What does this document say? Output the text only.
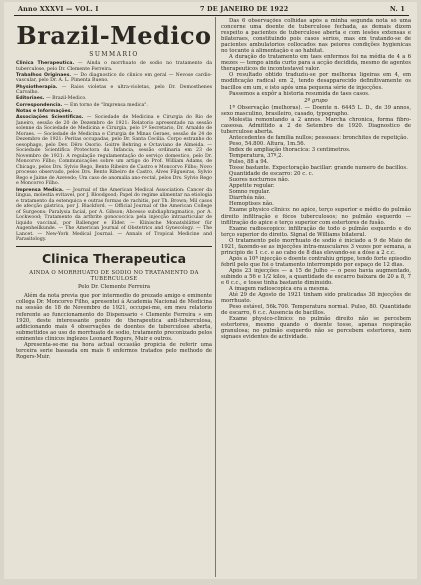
Anno XXXVI — VOL. I	7 DE JANEIRO DE 1922	N. 1
Brazil-Medico
SUMMARIO

Clinica Therapeutica. — Ainda o morrhuato de sodio no tratamento da tuberculose, pelo Dr. Clemente Ferreira.

Trabalhos Originaes. — Do diagnostico do clinico em geral — Nevose cardio-vascular, pelo Dr. A. L. Pimenta Bueno.

Physiotherapia. — Raios violetas e ultra-violetas, pelo Dr. Demosthenes Carvalho.

Editoriaes. — Brazil-Medico.

Correspondencia. — Em torno de "Imprensa medica".

Notas e Informações.

Associações Scientificas. — Sociedade de Medicina e Cirurgia do Rio de Janeiro, sessão de 20 de Dezembro de 1921: Relatorio apresentado na sessão solenne da Sociedade de Medicina e Cirurgia, pelo 1º Secretario, Dr. Arnaldo de Moraes. — Sociedade de Medicina e Cirurgia de Minas Geraes, sessão de 24 de Dezembro de 1921: Peritas occupadas, pelo Dr. Santa Cecilia. Corpo estranho do oesophago, pelo Dev. Dêro Osorio. Goitre Behring e Octaviano de Almeida. — Sociedade Scientifica Protectora da Infancia, sessão ordinaria em 23 de Novembro de 1921: A regulação regulamentação do serviço domestico, pelo Dr. Moncorvo Filho; Communicações sobre um artigo do Prof. William Adams, de Chicago, pelos Drs. Sylvio Rego, Bento Ribeiro de Castro e Moncorvo Filho; Novo processo observado, pelos Drs. Bento Ribeiro de Castro, Alves Filgueiras, Sylvio Rego e Jaime de Azevedo; Um caso de anomalia ano-rectal, pelos Drs. Sylvio Rego e Moncorvo Filho.

Imprensa Medica. — Journal of the American Medical Association: Cancer da lingua, molestia evitavel, por J. Bloodgood; Papel do regime alimentar na etiologia e tratamento da estenquica e outras formas de rachitis, por Th. Brown; Mil casos de afecção gástrica, por J. Blackford. — Official Journal of the American College of Surgeons: Paralysia facial, por A. Gibson; Abcesso subdiaphragmatico, por A. Lockwood; Tratamento da arthrite gonococcica pela injecção intraarticular de liquido vaccinal, por Ballenger e Elder. — Klinische Monatsblätter für Augenheilkunde. — The American Journal of Obstetrics and Gynecology. — The Lancet. — New-York Medical Journal. — Annals of Tropical Medicine and Parasitology.

Clinica Therapeutica
AINDA O MORRHUATO DE SODIO NO TRATAMENTO DA TUBERCULOSE
Pelo Dr. Clemente Ferreira

Além da nota previa que por intermedio do prezado amigo e eminente collega Dr. Moncorvo Filho, apresentei á Academia Nacional de Medicina na sessão de 18 de Novembro de 1921, occupei-me, em meu relatorio referente ao funccionamento do Dispensario « Clemente Ferreira » em 1920, deste interessante ponto de therapeutica anti-tuberculosa, addicionando mais 4 observações de doentes de tuberculose aberta, submettidos ao uso do morrhuato de sodio, tratamento preconizado pelos eminentes clinicos inglezes Leonard Rogers, Muir e outros.

Apresenta-se-me na hora actual occasião propicia de referir uma terceira serie baseada em mais 6 enfermos tratados pelo methodo de Rogers-Muir.

Das 6 observações colhidas após a minha segunda nota só uma concerne uma doente de tuberculose fechada, as demais dizem respeito a pacientes de tuberculose aberta e com lesões extensas e bilateraes, constituindo pois casos serios, mas em tratando-se de pacientes ambulatorios collocados nas peiores condições hygienicas no tocante á alimentação e ao habitat.

A duração do tratamento em taes enfermos foi na média de 4 a 6 mezes — tempo ainda curto para a acção decidida, mesmo de agentes therapeuticos de incontestavel valor.

O resultado obtido traduziu-se por melhoras ligeiras em 4, em modificação radical em 2, tendo desapparecido definitivamente os bacillos em um, e isto após uma pequena série de injecções.

Passemos a expôr a historia resumida de taes casos.

2º grupo

1ª Observação (melhoras). — Doente n. 6445 L. D., de 39 annos, sexo masculino, brasileiro, casado, typographo.

Molestia remontando a 2 annos. Marcha chronica, forma fibro-caseosa. Admittido a 2 de Setembro de 1920. Diagnostico de tuberculose aberta.

Antecedentes de familia nullos; pessoaes: bronchites de repetição.

Peso, 54.800. Altura, 1m.56.

Index de ampliação thoracica: 3 centimetros.

Temperatura, 37º,2.

Pulso, 88 a 94.

Tosse bastante. Expectoração bacillar: grande numero de bacillos.

Quantidade de escarro: 20 c. c.

Suores nocturnos não.

Appetite regular.

Somno regular.

Diarrhéa não.

Hemoptises não.

Exame physico clinico: no apice, terço superior e médio do pulmão direito infiltração e fócos tuberculosos; no pulmão esquerdo — infiltração do apice e terço superior com estertores de fusão.

Exame radioscopico: infiltração de todo o pulmão esquerdo e do terço superior do direito. Signal de Williams bilateral.

O tratamento pelo morrhuato de sodio é iniciado a 9 de Maio de 1921, fazendo-se as injecções intra-musculares 3 vezes por semana, a principio de 1 c.c. e ao cabo de 8 dias elevando-se a dóse a 2 c.c.

Após a 10ª injecção o doente contrahiu grippe, tendo forte episodio febril pelo que foi o tratamento interrompido por espaço de 12 dias.

Após 23 injecções — a 15 de Julho — o peso havia augmentado, subindo a 56 e 1/2 kilos, a quantidade de escarro baixara de 20 a 8, 7 e 6 c.c., e tosse tinha bastante diminuido.

A imagem radioscopica era a mesma.

Até 29 de Agosto de 1921 tinham sido praticadas 38 injecções de morrhuato.

Peso estável, 56k.700. Temperatura normal. Pulso, 80. Quantidade de escarro, 6 c.c. Ausencia de bacillos.

Exame physico-clinico: no pulmão direito não se percebem estertores, mesmo quando o doente tosse, apenas respiração granulosa; no pulmão esquerdo não se percebem estertores, nem signaes evidentes de actividade.
